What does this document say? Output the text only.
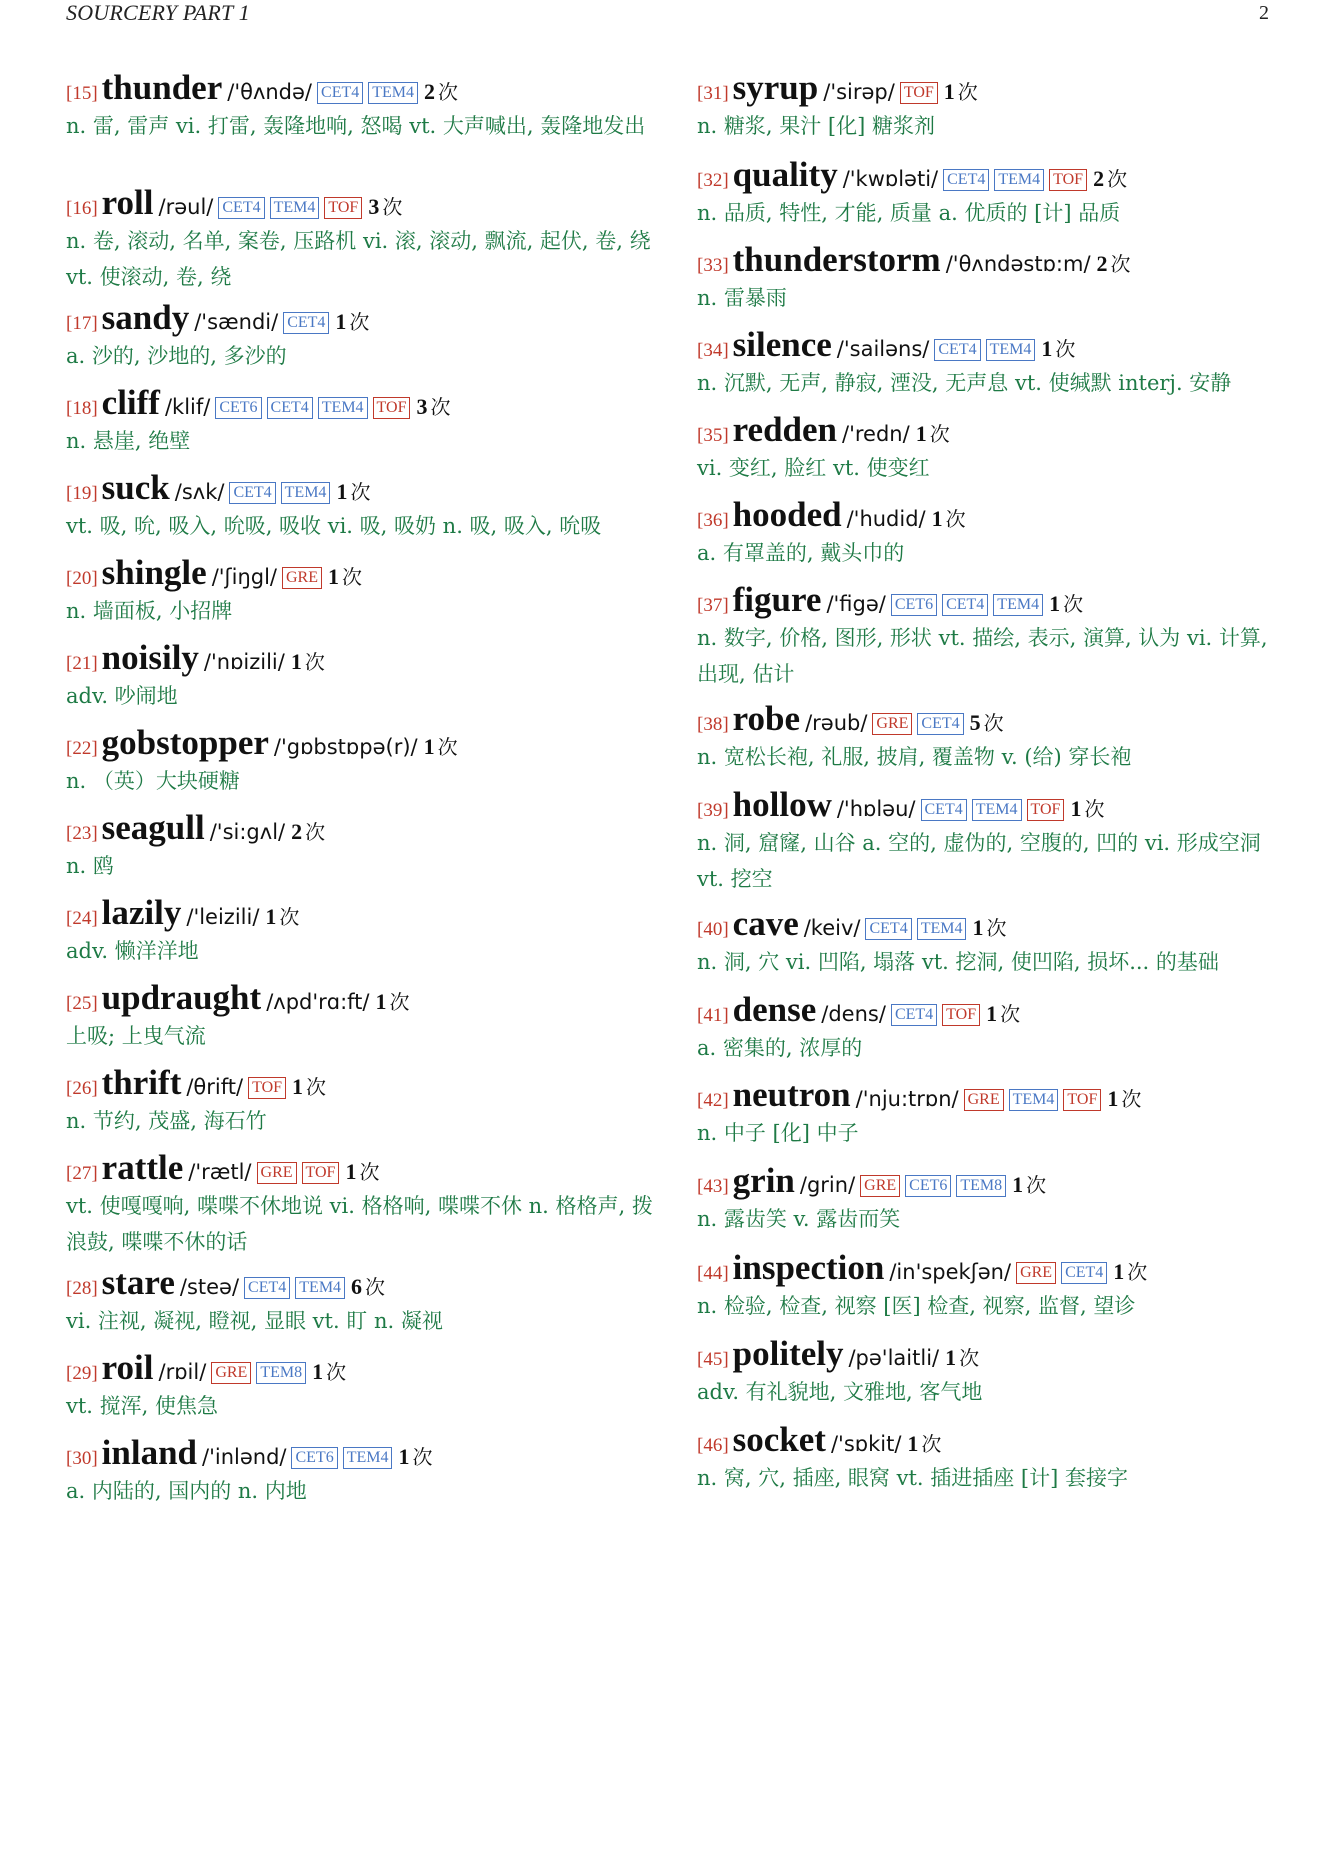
SOURCERY PART 1	2
[15] thunder /'θʌndə/ CET4 TEM4 2 次
n. 雷, 雷声 vi. 打雷, 轰隆地响, 怒喝 vt. 大声喊出, 轰隆地发出
[16] roll /rəul/ CET4 TEM4 TOF 3 次
n. 卷, 滚动, 名单, 案卷, 压路机 vi. 滚, 滚动, 飘流, 起伏, 卷, 绕 vt. 使滚动, 卷, 绕
[17] sandy /'sændi/ CET4 1 次
a. 沙的, 沙地的, 多沙的
[18] cliff /klif/ CET6 CET4 TEM4 TOF 3 次
n. 悬崖, 绝壁
[19] suck /sʌk/ CET4 TEM4 1 次
vt. 吸, 吮, 吸入, 吮吸, 吸收 vi. 吸, 吸奶 n. 吸, 吸入, 吮吸
[20] shingle /'ʃiŋgl/ GRE 1 次
n. 墙面板, 小招牌
[21] noisily /'nɒizili/ 1 次
adv. 吵闹地
[22] gobstopper /'gɒbstɒpə(r)/ 1 次
n. （英）大块硬糖
[23] seagull /'si:gʌl/ 2 次
n. 鸥
[24] lazily /'leizili/ 1 次
adv. 懒洋洋地
[25] updraught /ʌpd'rɑ:ft/ 1 次
上吸; 上曳气流
[26] thrift /θrift/ TOF 1 次
n. 节约, 茂盛, 海石竹
[27] rattle /'rætl/ GRE TOF 1 次
vt. 使嘎嘎响, 喋喋不休地说 vi. 格格响, 喋喋不休 n. 格格声, 拨浪鼓, 喋喋不休的话
[28] stare /steə/ CET4 TEM4 6 次
vi. 注视, 凝视, 瞪视, 显眼 vt. 盯 n. 凝视
[29] roil /rɒil/ GRE TEM8 1 次
vt. 搅浑, 使焦急
[30] inland /'inlənd/ CET6 TEM4 1 次
a. 内陆的, 国内的 n. 内地
[31] syrup /'sirəp/ TOF 1 次
n. 糖浆, 果汁 [化] 糖浆剂
[32] quality /'kwɒləti/ CET4 TEM4 TOF 2 次
n. 品质, 特性, 才能, 质量 a. 优质的 [计] 品质
[33] thunderstorm /'θʌndəstɒ:m/ 2 次
n. 雷暴雨
[34] silence /'sailəns/ CET4 TEM4 1 次
n. 沉默, 无声, 静寂, 湮没, 无声息 vt. 使缄默 interj. 安静
[35] redden /'redn/ 1 次
vi. 变红, 脸红 vt. 使变红
[36] hooded /'hudid/ 1 次
a. 有罩盖的, 戴头巾的
[37] figure /'figə/ CET6 CET4 TEM4 1 次
n. 数字, 价格, 图形, 形状 vt. 描绘, 表示, 演算, 认为 vi. 计算, 出现, 估计
[38] robe /rəub/ GRE CET4 5 次
n. 宽松长袍, 礼服, 披肩, 覆盖物 v. (给) 穿长袍
[39] hollow /'hɒləu/ CET4 TEM4 TOF 1 次
n. 洞, 窟窿, 山谷 a. 空的, 虚伪的, 空腹的, 凹的 vi. 形成空洞 vt. 挖空
[40] cave /keiv/ CET4 TEM4 1 次
n. 洞, 穴 vi. 凹陷, 塌落 vt. 挖洞, 使凹陷, 损坏... 的基础
[41] dense /dens/ CET4 TOF 1 次
a. 密集的, 浓厚的
[42] neutron /'nju:trɒn/ GRE TEM4 TOF 1 次
n. 中子 [化] 中子
[43] grin /grin/ GRE CET6 TEM8 1 次
n. 露齿笑 v. 露齿而笑
[44] inspection /in'spekʃən/ GRE CET4 1 次
n. 检验, 检查, 视察 [医] 检查, 视察, 监督, 望诊
[45] politely /pə'laitli/ 1 次
adv. 有礼貌地, 文雅地, 客气地
[46] socket /'sɒkit/ 1 次
n. 窝, 穴, 插座, 眼窝 vt. 插进插座 [计] 套接字
